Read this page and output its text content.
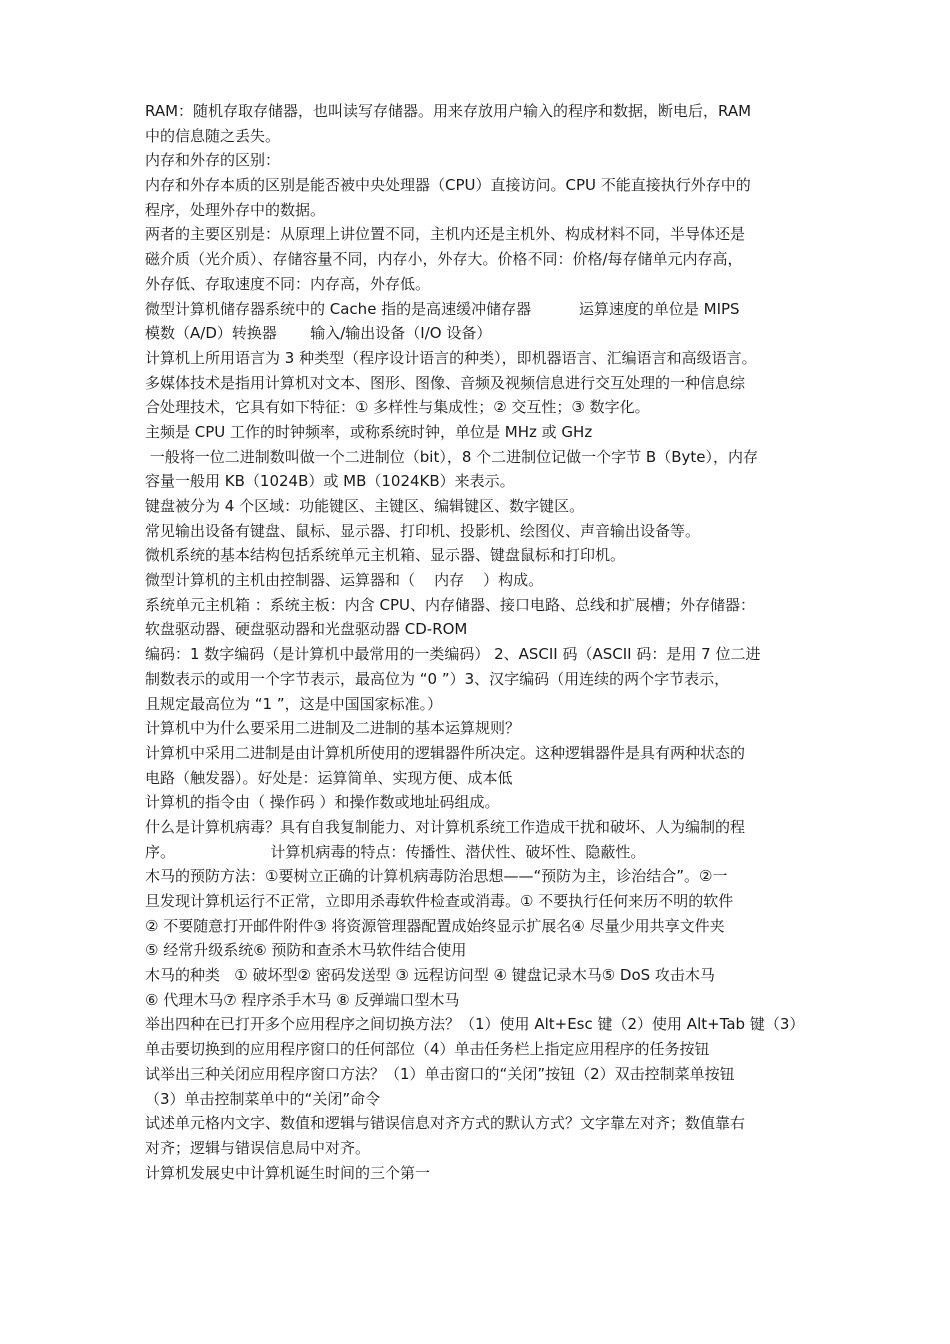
RAM：随机存取存储器，也叫读写存储器。用来存放用户输入的程序和数据，断电后，RAM
中的信息随之丢失。
内存和外存的区别：
内存和外存本质的区别是能否被中央处理器（CPU）直接访问。CPU 不能直接执行外存中的
程序，处理外存中的数据。
两者的主要区别是：从原理上讲位置不同，主机内还是主机外、构成材料不同，半导体还是
磁介质（光介质）、存储容量不同，内存小，外存大。价格不同：价格/每存储单元内存高，
外存低、存取速度不同：内存高，外存低。
微型计算机储存器系统中的 Cache 指的是高速缓冲储存器          运算速度的单位是 MIPS
模数（A/D）转换器       输入/输出设备（I/O 设备）
计算机上所用语言为 3 种类型（程序设计语言的种类），即机器语言、汇编语言和高级语言。
多媒体技术是指用计算机对文本、图形、图像、音频及视频信息进行交互处理的一种信息综
合处理技术，它具有如下特征：① 多样性与集成性；② 交互性；③ 数字化。
主频是 CPU 工作的时钟频率，或称系统时钟，单位是 MHz 或 GHz
一般将一位二进制数叫做一个二进制位（bit），8 个二进制位记做一个字节 B（Byte），内存
容量一般用 KB（1024B）或 MB（1024KB）来表示。
键盘被分为 4 个区域：功能键区、主键区、编辑键区、数字键区。
常见输出设备有键盘、鼠标、显示器、打印机、投影机、绘图仪、声音输出设备等。
微机系统的基本结构包括系统单元主机箱、显示器、键盘鼠标和打印机。
微型计算机的主机由控制器、运算器和（    内存    ）构成。
系统单元主机箱 ：系统主板：内含 CPU、内存储器、接口电路、总线和扩展槽；外存储器：
软盘驱动器、硬盘驱动器和光盘驱动器 CD-ROM
编码：1 数字编码（是计算机中最常用的一类编码） 2、ASCII 码（ASCII 码：是用 7 位二进
制数表示的或用一个字节表示，最高位为 “0 ”）3、汉字编码（用连续的两个字节表示，
且规定最高位为 “1 ”，这是中国国家标准。）
计算机中为什么要采用二进制及二进制的基本运算规则？
计算机中采用二进制是由计算机所使用的逻辑器件所决定。这种逻辑器件是具有两种状态的
电路（触发器）。好处是：运算简单、实现方便、成本低
计算机的指令由（ 操作码 ）和操作数或地址码组成。
什么是计算机病毒？具有自我复制能力、对计算机系统工作造成干扰和破坏、人为编制的程
序。                    计算机病毒的特点：传播性、潜伏性、破坏性、隐蔽性。
木马的预防方法：①要树立正确的计算机病毒防治思想——“预防为主，诊治结合”。②一
旦发现计算机运行不正常，立即用杀毒软件检查或消毒。① 不要执行任何来历不明的软件
② 不要随意打开邮件附件③ 将资源管理器配置成始终显示扩展名④ 尽量少用共享文件夹
⑤ 经常升级系统⑥ 预防和查杀木马软件结合使用
木马的种类   ① 破坏型② 密码发送型 ③ 远程访问型 ④ 键盘记录木马⑤ DoS 攻击木马
⑥ 代理木马⑦ 程序杀手木马 ⑧ 反弹端口型木马
举出四种在已打开多个应用程序之间切换方法？（1）使用 Alt+Esc 键（2）使用 Alt+Tab 键（3）
单击要切换到的应用程序窗口的任何部位（4）单击任务栏上指定应用程序的任务按钮
试举出三种关闭应用程序窗口方法？（1）单击窗口的“关闭”按钮（2）双击控制菜单按钮
（3）单击控制菜单中的“关闭”命令
试述单元格内文字、数值和逻辑与错误信息对齐方式的默认方式？文字靠左对齐；数值靠右
对齐；逻辑与错误信息局中对齐。
计算机发展史中计算机诞生时间的三个第一
